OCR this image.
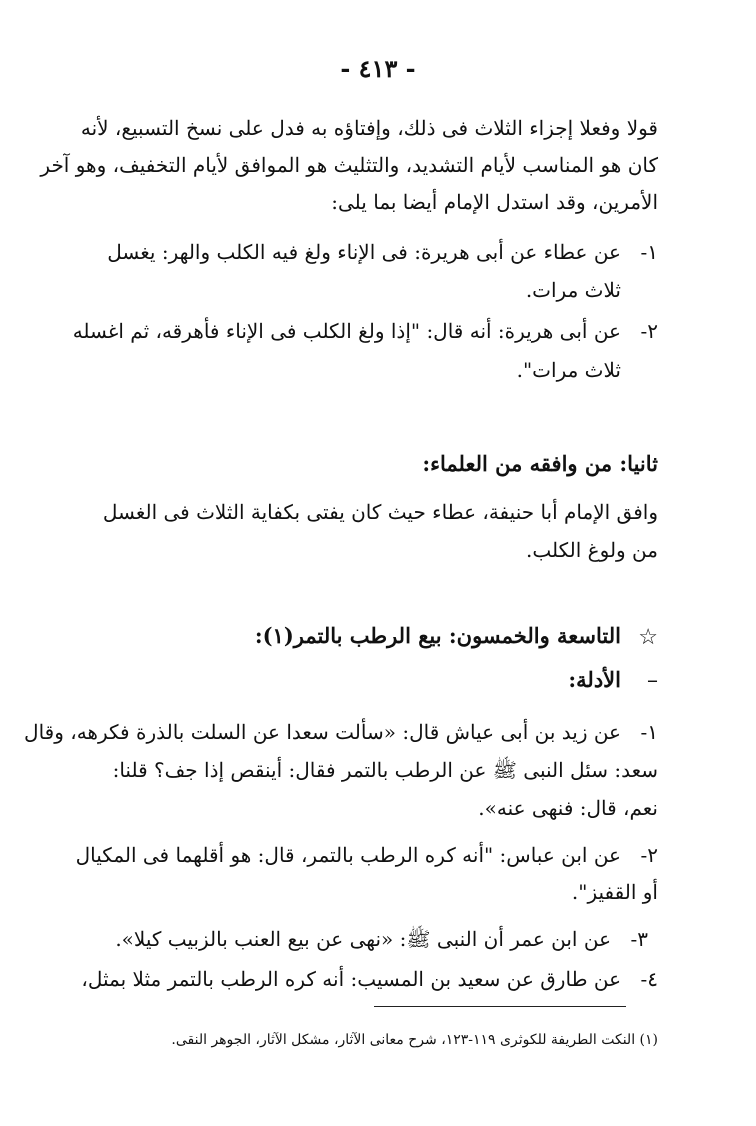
- ٤١٣ -
قولا وفعلا إجزاء الثلاث فى ذلك، وإفتاؤه به فدل على نسخ التسبيع، لأنه
كان هو المناسب لأيام التشديد، والتثليث هو الموافق لأيام التخفيف، وهو آخر
الأمرين، وقد استدل الإمام أيضا بما يلى:
١-
عن عطاء عن أبى هريرة: فى الإناء ولغ فيه الكلب والهر: يغسل
ثلاث مرات.
٢-
عن أبى هريرة: أنه قال: "إذا ولغ الكلب فى الإناء فأهرقه، ثم اغسله
ثلاث مرات".
ثانيا: من وافقه من العلماء:
وافق الإمام أبا حنيفة، عطاء حيث كان يفتى بكفاية الثلاث فى الغسل
من ولوغ الكلب.
☆
التاسعة والخمسون: بيع الرطب بالتمر(١):
–
الأدلة:
١-
عن زيد بن أبى عياش قال: «سألت سعدا عن السلت بالذرة فكرهه، وقال
سعد: سئل النبى ﷺ عن الرطب بالتمر فقال: أينقص إذا جف؟ قلنا:
نعم، قال: فنهى عنه».
٢-
عن ابن عباس: "أنه كره الرطب بالتمر، قال: هو أقلهما فى المكيال
أو القفيز".
٣-
عن ابن عمر أن النبى ﷺ: «نهى عن بيع العنب بالزبيب كيلا».
٤-
عن طارق عن سعيد بن المسيب: أنه كره الرطب بالتمر مثلا بمثل،
(١) النكت الطريفة للكوثرى ١١٩-١٢٣، شرح معانى الآثار، مشكل الآثار، الجوهر النقى.
